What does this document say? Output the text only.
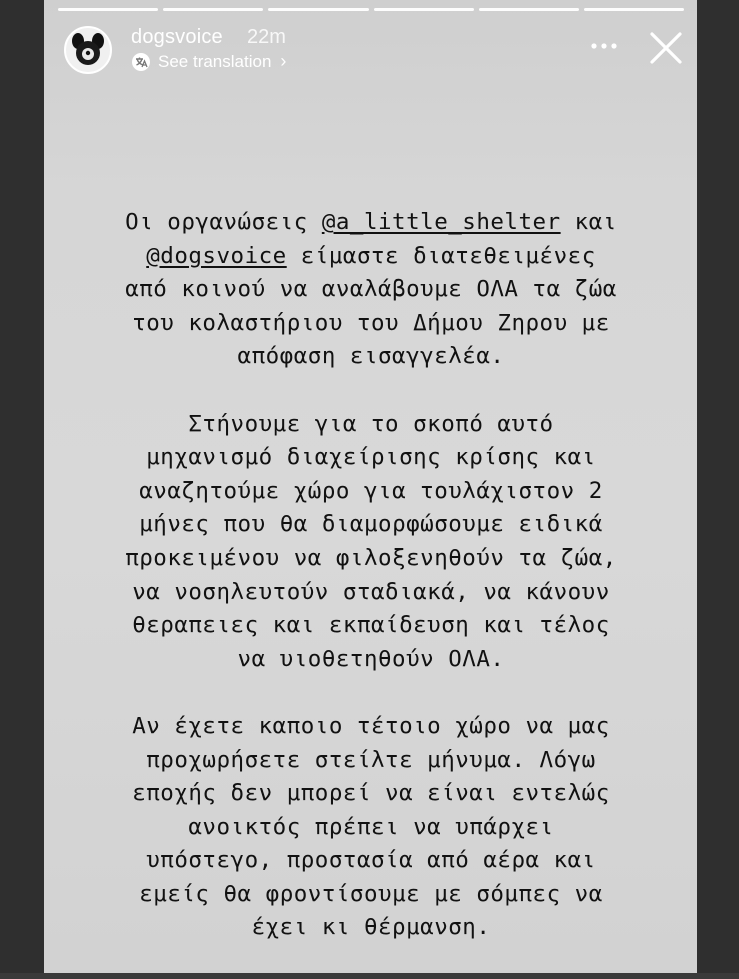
dogsvoice 22m
See translation ›
Οι οργανώσεις @a_little_shelter και
@dogsvoice είμαστε διατεθειμένες
από κοινού να αναλάβουμε ΟΛΑ τα ζώα
του κολαστήριου του Δήμου Ζηρου με
απόφαση εισαγγελέα.
Στήνουμε για το σκοπό αυτό
μηχανισμό διαχείρισης κρίσης και
αναζητούμε χώρο για τουλάχιστον 2
μήνες που θα διαμορφώσουμε ειδικά
προκειμένου να φιλοξενηθούν τα ζώα,
να νοσηλευτούν σταδιακά, να κάνουν
θεραπειες και εκπαίδευση και τέλος
να υιοθετηθούν ΟΛΑ.
Αν έχετε καποιο τέτοιο χώρο να μας
προχωρήσετε στείλτε μήνυμα. Λόγω
εποχής δεν μπορεί να είναι εντελώς
ανοικτός πρέπει να υπάρχει
υπόστεγο, προστασία από αέρα και
εμείς θα φροντίσουμε με σόμπες να
έχει κι θέρμανση.
